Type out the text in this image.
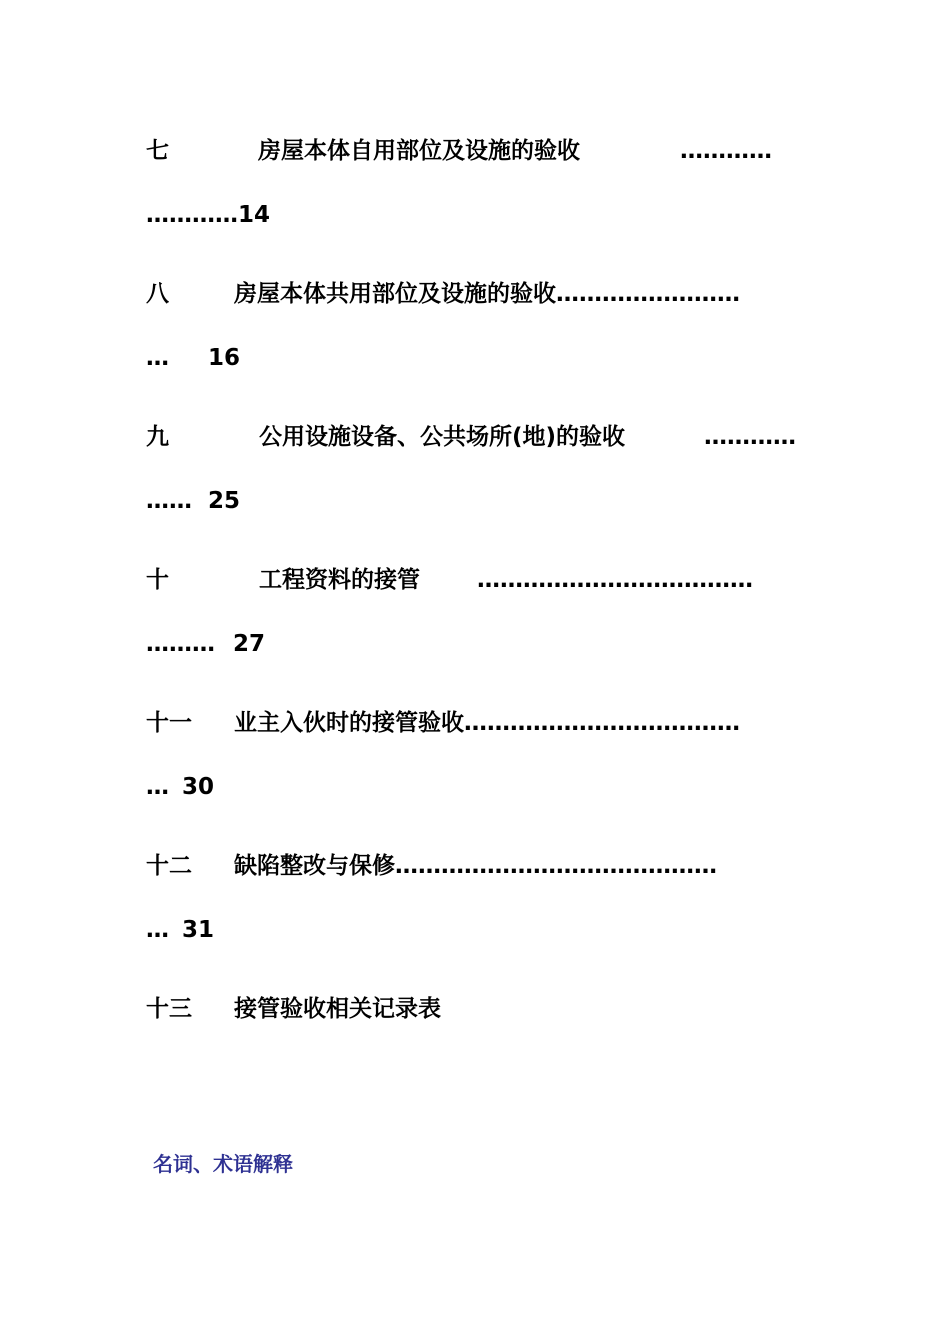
七	房屋本体自用部位及设施的验收	…………
…………14
八	房屋本体共用部位及设施的验收……………………
… 16
九	公用设施设备、公共场所(地)的验收	…………
…… 25
十	工程资料的接管 ………………………………
……… 27
十一 业主入伙时的接管验收………………………………
… 30
十二 缺陷整改与保修……………………………………
… 31
十三 接管验收相关记录表
名词、术语解释
